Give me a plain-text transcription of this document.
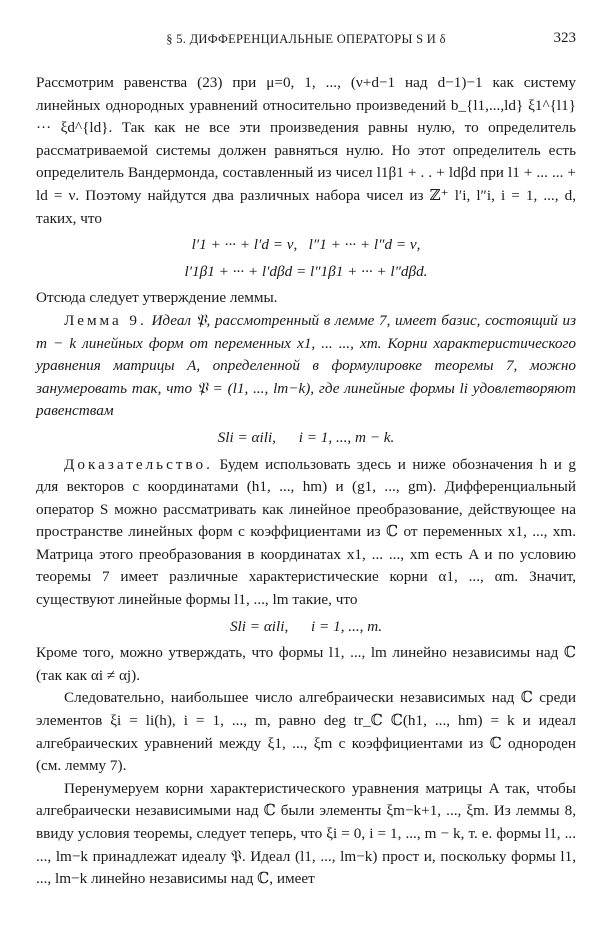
§ 5. ДИФФЕРЕНЦИАЛЬНЫЕ ОПЕРАТОРЫ S И δ	323

Рассмотрим равенства (23) при μ=0, 1, ..., (ν+d−1 над d−1)−1 как систему линейных однородных уравнений относительно произведений b_{l1,...,ld} ξ1^{l1} ··· ξd^{ld}. Так как не все эти произведения равны нулю, то определитель рассматриваемой системы должен равняться нулю. Но этот определитель есть определитель Вандермонда, составленный из чисел l1β1 + . . + ldβd при l1 + ... ... + ld = ν. Поэтому найдутся два различных набора чисел из ℤ⁺ l′i, l″i, i = 1, ..., d, таких, что

l′1 + ··· + l′d = ν,   l″1 + ··· + l″d = ν,
l′1β1 + ··· + l′dβd = l″1β1 + ··· + l″dβd.

Отсюда следует утверждение леммы.

Лемма 9. Идеал 𝔓, рассмотренный в лемме 7, имеет базис, состоящий из m − k линейных форм от переменных x1, ... ..., xm. Корни характеристического уравнения матрицы A, определенной в формулировке теоремы 7, можно занумеровать так, что 𝔓 = (l1, ..., lm−k), где линейные формы li удовлетворяют равенствам

Sli = αili,      i = 1, ..., m − k.

Доказательство. Будем использовать здесь и ниже обозначения h и g для векторов с координатами (h1, ..., hm) и (g1, ..., gm). Дифференциальный оператор S можно рассматривать как линейное преобразование, действующее на пространстве линейных форм с коэффициентами из ℂ от переменных x1, ..., xm. Матрица этого преобразования в координатах x1, ... ..., xm есть A и по условию теоремы 7 имеет различные характеристические корни α1, ..., αm. Значит, существуют линейные формы l1, ..., lm такие, что

Sli = αili,      i = 1, ..., m.

Кроме того, можно утверждать, что формы l1, ..., lm линейно независимы над ℂ (так как αi ≠ αj).

Следовательно, наибольшее число алгебраически независимых над ℂ среди элементов ξi = li(h), i = 1, ..., m, равно deg tr_ℂ ℂ(h1, ..., hm) = k и идеал алгебраических уравнений между ξ1, ..., ξm с коэффициентами из ℂ однороден (см. лемму 7).

Перенумеруем корни характеристического уравнения матрицы A так, чтобы алгебраически независимыми над ℂ были элементы ξm−k+1, ..., ξm. Из леммы 8, ввиду условия теоремы, следует теперь, что ξi = 0, i = 1, ..., m − k, т. е. формы l1, ... ..., lm−k принадлежат идеалу 𝔓. Идеал (l1, ..., lm−k) прост и, поскольку формы l1, ..., lm−k линейно независимы над ℂ, имеет
